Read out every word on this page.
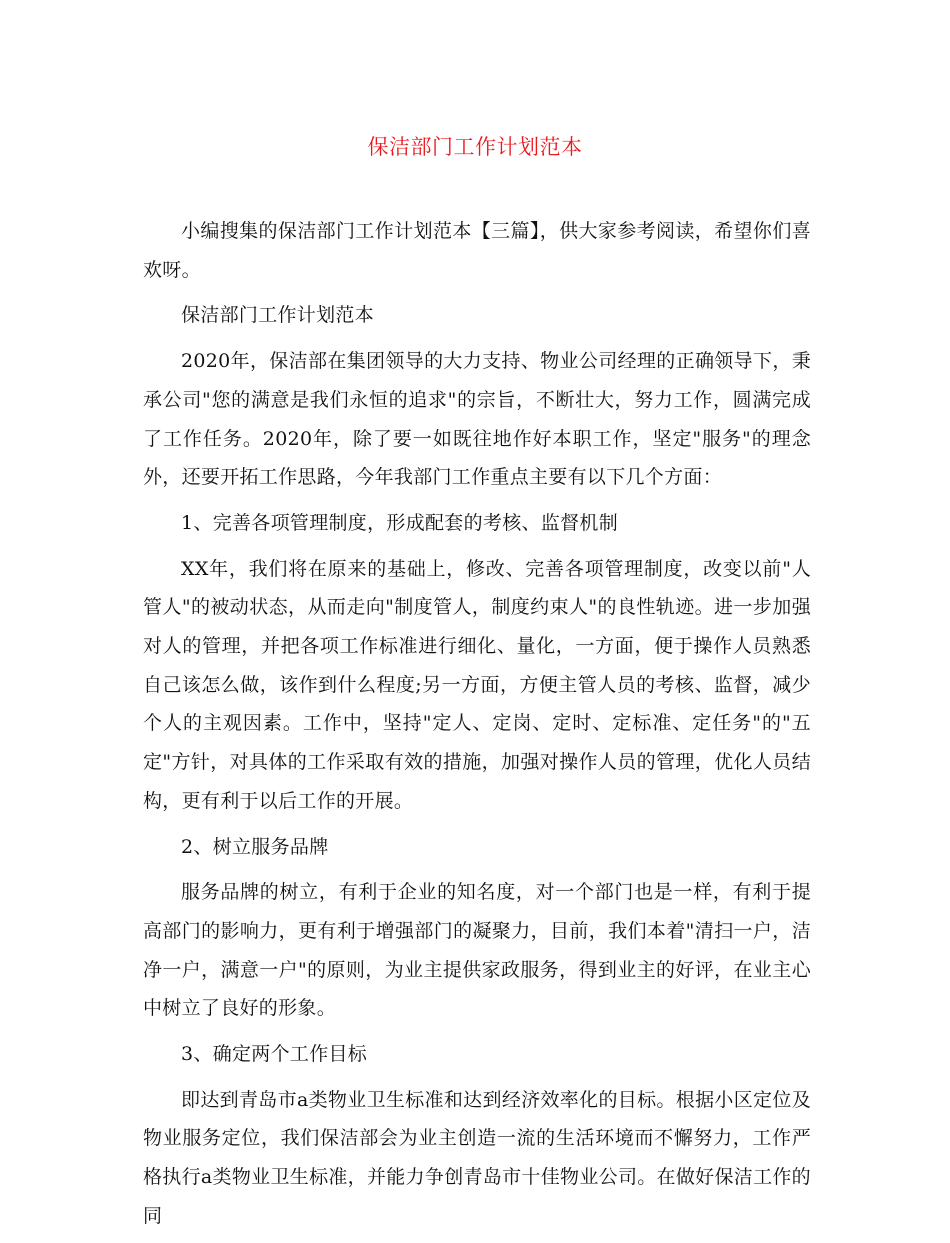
保洁部门工作计划范本

小编搜集的保洁部门工作计划范本【三篇】，供大家参考阅读，希望你们喜欢呀。

保洁部门工作计划范本

2020年，保洁部在集团领导的大力支持、物业公司经理的正确领导下，秉承公司"您的满意是我们永恒的追求"的宗旨，不断壮大，努力工作，圆满完成了工作任务。2020年，除了要一如既往地作好本职工作，坚定"服务"的理念外，还要开拓工作思路，今年我部门工作重点主要有以下几个方面：

1、完善各项管理制度，形成配套的考核、监督机制

XX年，我们将在原来的基础上，修改、完善各项管理制度，改变以前"人管人"的被动状态，从而走向"制度管人，制度约束人"的良性轨迹。进一步加强对人的管理，并把各项工作标准进行细化、量化，一方面，便于操作人员熟悉自己该怎么做，该作到什么程度;另一方面，方便主管人员的考核、监督，减少个人的主观因素。工作中，坚持"定人、定岗、定时、定标准、定任务"的"五定"方针，对具体的工作采取有效的措施，加强对操作人员的管理，优化人员结构，更有利于以后工作的开展。

2、树立服务品牌

服务品牌的树立，有利于企业的知名度，对一个部门也是一样，有利于提高部门的影响力，更有利于增强部门的凝聚力，目前，我们本着"清扫一户，洁净一户，满意一户"的原则，为业主提供家政服务，得到业主的好评，在业主心中树立了良好的形象。

3、确定两个工作目标

即达到青岛市a类物业卫生标准和达到经济效率化的目标。根据小区定位及物业服务定位，我们保洁部会为业主创造一流的生活环境而不懈努力，工作严格执行a类物业卫生标准，并能力争创青岛市十佳物业公司。在做好保洁工作的同
